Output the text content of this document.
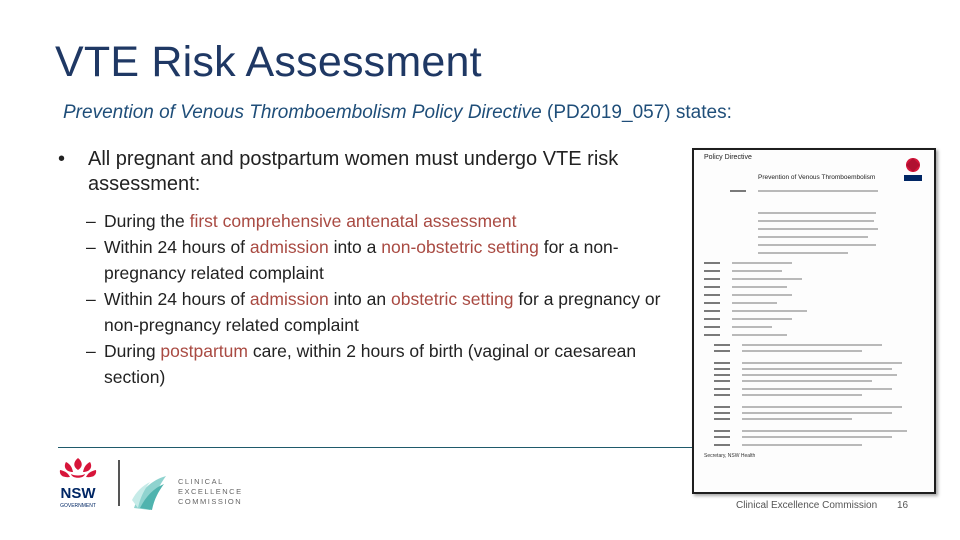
VTE Risk Assessment
Prevention of Venous Thromboembolism Policy Directive (PD2019_057) states:
• All pregnant and postpartum women must undergo VTE risk assessment:
– During the first comprehensive antenatal assessment
– Within 24 hours of admission into a non-obstetric setting for a non-pregnancy related complaint
– Within 24 hours of admission into an obstetric setting for a pregnancy or non-pregnancy related complaint
– During postpartum care, within 2 hours of birth (vaginal or caesarean section)
Policy Directive
Prevention of Venous Thromboembolism
Secretary, NSW Health
NSW
GOVERNMENT
CLINICAL
EXCELLENCE
COMMISSION	Clinical Excellence Commission 16
